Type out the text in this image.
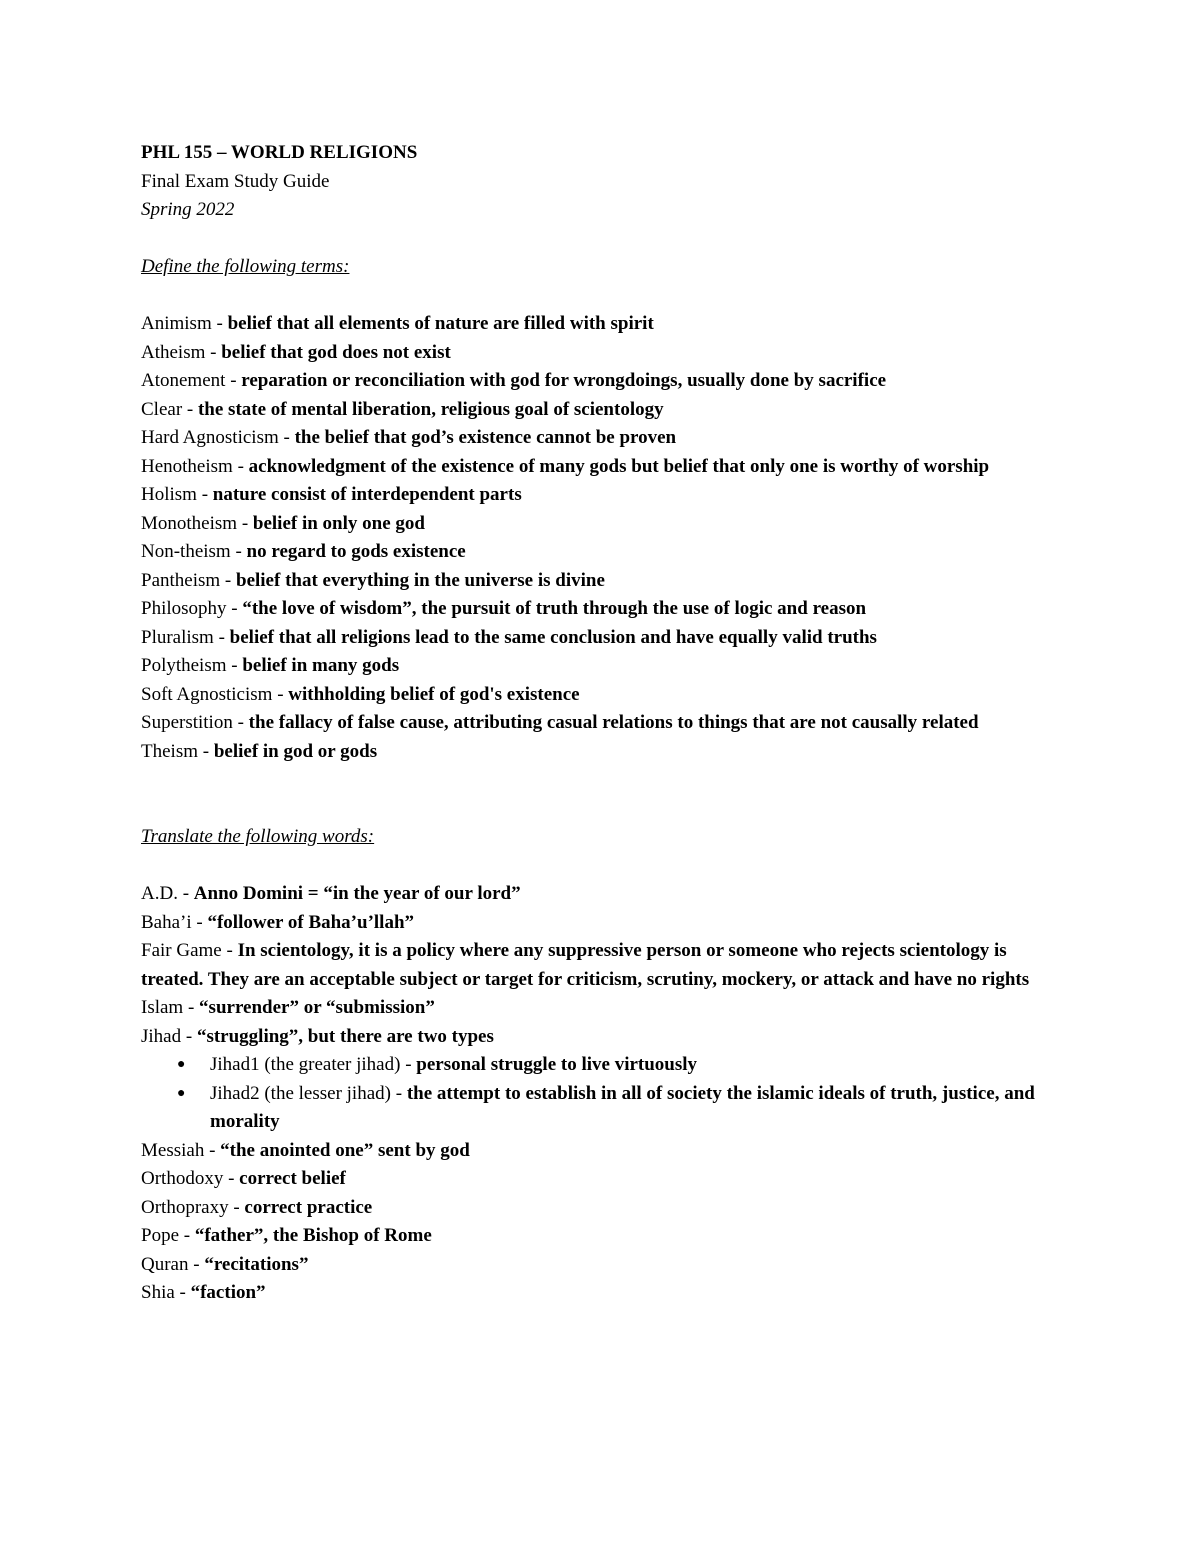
PHL 155 – WORLD RELIGIONS

Final Exam Study Guide

Spring 2022

Define the following terms:

Animism - belief that all elements of nature are filled with spirit

Atheism - belief that god does not exist

Atonement - reparation or reconciliation with god for wrongdoings, usually done by sacrifice

Clear - the state of mental liberation, religious goal of scientology

Hard Agnosticism - the belief that god’s existence cannot be proven

Henotheism - acknowledgment of the existence of many gods but belief that only one is worthy of worship

Holism - nature consist of interdependent parts

Monotheism - belief in only one god

Non-theism - no regard to gods existence

Pantheism - belief that everything in the universe is divine

Philosophy - “the love of wisdom”, the pursuit of truth through the use of logic and reason

Pluralism - belief that all religions lead to the same conclusion and have equally valid truths

Polytheism - belief in many gods

Soft Agnosticism - withholding belief of god's existence

Superstition - the fallacy of false cause, attributing casual relations to things that are not causally related

Theism - belief in god or gods

Translate the following words:

A.D. - Anno Domini = “in the year of our lord”

Baha’i - “follower of Baha’u’llah”

Fair Game - In scientology, it is a policy where any suppressive person or someone who rejects scientology is treated. They are an acceptable subject or target for criticism, scrutiny, mockery, or attack and have no rights

Islam - “surrender” or “submission”

Jihad - “struggling”, but there are two types

● Jihad1 (the greater jihad) - personal struggle to live virtuously
● Jihad2 (the lesser jihad) - the attempt to establish in all of society the islamic ideals of truth, justice, and morality

Messiah - “the anointed one” sent by god

Orthodoxy - correct belief

Orthopraxy - correct practice

Pope - “father”, the Bishop of Rome

Quran - “recitations”

Shia - “faction”
